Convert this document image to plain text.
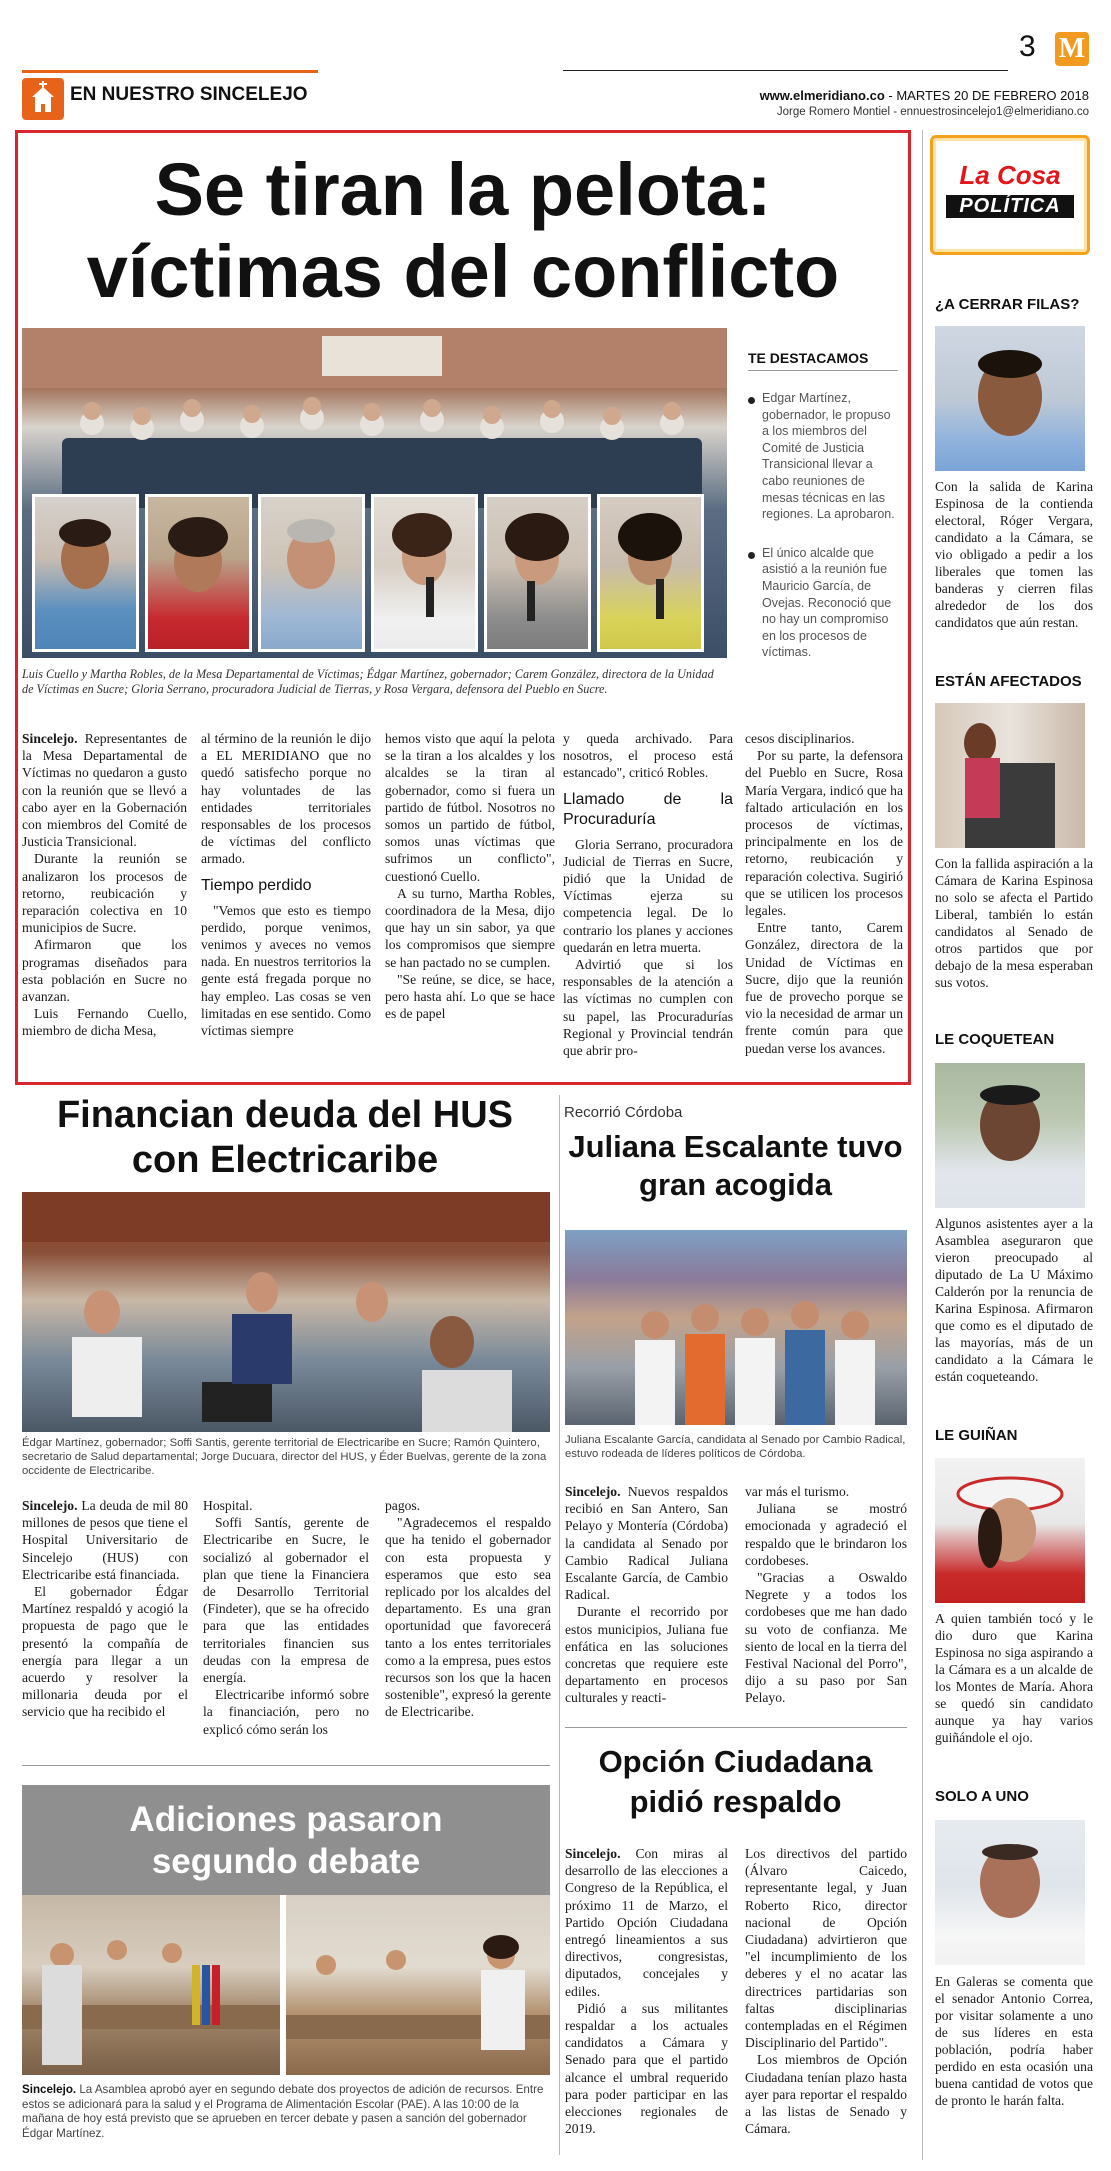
3 M
EN NUESTRO SINCELEJO	www.elmeridiano.co - MARTES 20 DE FEBRERO 2018
Jorge Romero Montiel - ennuestrosincelejo1@elmeridiano.co
Se tiran la pelota:
víctimas del conflicto
Luis Cuello y Martha Robles, de la Mesa Departamental de Víctimas; Édgar Martínez, gobernador; Carem González, directora de la Unidad de Víctimas en Sucre; Gloria Serrano, procuradora Judicial de Tierras, y Rosa Vergara, defensora del Pueblo en Sucre.
TE DESTACAMOS
Edgar Martínez, gobernador, le propuso a los miembros del Comité de Justicia Transicional llevar a cabo reuniones de mesas técnicas en las regiones. La aprobaron.
El único alcalde que asistió a la reunión fue Mauricio García, de Ovejas. Reconoció que no hay un compromiso en los procesos de víctimas.

Sincelejo. Representantes de la Mesa Departamental de Víctimas no quedaron a gusto con la reunión que se llevó a cabo ayer en la Gobernación con miembros del Comité de Justicia Transicional.

Durante la reunión se analizaron los procesos de retorno, reubicación y reparación colectiva en 10 municipios de Sucre.

Afirmaron que los programas diseñados para esta población en Sucre no avanzan.

Luis Fernando Cuello, miembro de dicha Mesa,

al término de la reunión le dijo a EL MERIDIANO que no quedó satisfecho porque no hay voluntades de las entidades territoriales responsables de los procesos de víctimas del conflicto armado.

Tiempo perdido

"Vemos que esto es tiempo perdido, porque venimos, venimos y aveces no vemos nada. En nuestros territorios la gente está fregada porque no hay empleo. Las cosas se ven limitadas en ese sentido. Como víctimas siempre

hemos visto que aquí la pelota se la tiran a los alcaldes y los alcaldes se la tiran al gobernador, como si fuera un partido de fútbol. Nosotros no somos un partido de fútbol, somos unas víctimas que sufrimos un conflicto", cuestionó Cuello.

A su turno, Martha Robles, coordinadora de la Mesa, dijo que hay un sin sabor, ya que los compromisos que siempre se han pactado no se cumplen.

"Se reúne, se dice, se hace, pero hasta ahí. Lo que se hace es de papel

y queda archivado. Para nosotros, el proceso está estancado", criticó Robles.

Llamado de la Procuraduría

Gloria Serrano, procuradora Judicial de Tierras en Sucre, pidió que la Unidad de Víctimas ejerza su competencia legal. De lo contrario los planes y acciones quedarán en letra muerta.

Advirtió que si los responsables de la atención a las víctimas no cumplen con su papel, las Procuradurías Regional y Provincial tendrán que abrir pro-

cesos disciplinarios.

Por su parte, la defensora del Pueblo en Sucre, Rosa María Vergara, indicó que ha faltado articulación en los procesos de víctimas, principalmente en los de retorno, reubicación y reparación colectiva. Sugirió que se utilicen los procesos legales.

Entre tanto, Carem González, directora de la Unidad de Víctimas en Sucre, dijo que la reunión fue de provecho porque se vio la necesidad de armar un frente común para que puedan verse los avances.

La Cosa
POLÍTICA
¿A CERRAR FILAS?
Con la salida de Karina Espinosa de la contienda electoral, Róger Vergara, candidato a la Cámara, se vio obligado a pedir a los liberales que tomen las banderas y cierren filas alrededor de los dos candidatos que aún restan.
ESTÁN AFECTADOS
Con la fallida aspiración a la Cámara de Karina Espinosa no solo se afecta el Partido Liberal, también lo están candidatos al Senado de otros partidos que por debajo de la mesa esperaban sus votos.
LE COQUETEAN
Algunos asistentes ayer a la Asamblea aseguraron que vieron preocupado al diputado de La U Máximo Calderón por la renuncia de Karina Espinosa. Afirmaron que como es el diputado de las mayorías, más de un candidato a la Cámara le están coqueteando.
LE GUIÑAN
A quien también tocó y le dio duro que Karina Espinosa no siga aspirando a la Cámara es a un alcalde de los Montes de María. Ahora se quedó sin candidato aunque ya hay varios guiñándole el ojo.
SOLO A UNO
En Galeras se comenta que el senador Antonio Correa, por visitar solamente a uno de sus líderes en esta población, podría haber perdido en esta ocasión una buena cantidad de votos que de pronto le harán falta.
Financian deuda del HUS con Electricaribe
Édgar Martínez, gobernador; Soffi Santis, gerente territorial de Electricaribe en Sucre; Ramón Quintero, secretario de Salud departamental; Jorge Ducuara, director del HUS, y Éder Buelvas, gerente de la zona occidente de Electricaribe.

Sincelejo. La deuda de mil 80 millones de pesos que tiene el Hospital Universitario de Sincelejo (HUS) con Electricaribe está financiada.

El gobernador Édgar Martínez respaldó y acogió la propuesta de pago que le presentó la compañía de energía para llegar a un acuerdo y resolver la millonaria deuda por el servicio que ha recibido el

Hospital.

Soffi Santís, gerente de Electricaribe en Sucre, le socializó al gobernador el plan que tiene la Financiera de Desarrollo Territorial (Findeter), que se ha ofrecido para que las entidades territoriales financien sus deudas con la empresa de energía.

Electricaribe informó sobre la financiación, pero no explicó cómo serán los

pagos.

"Agradecemos el respaldo que ha tenido el gobernador con esta propuesta y esperamos que esto sea replicado por los alcaldes del departamento. Es una gran oportunidad que favorecerá tanto a los entes territoriales como a la empresa, pues estos recursos son los que la hacen sostenible", expresó la gerente de Electricaribe.

Recorrió Córdoba
Juliana Escalante tuvo gran acogida
Juliana Escalante García, candidata al Senado por Cambio Radical, estuvo rodeada de líderes políticos de Córdoba.

Sincelejo. Nuevos respaldos recibió en San Antero, San Pelayo y Montería (Córdoba) la candidata al Senado por Cambio Radical Juliana Escalante García, de Cambio Radical.

Durante el recorrido por estos municipios, Juliana fue enfática en las soluciones concretas que requiere este departamento en procesos culturales y reacti-

var más el turismo.

Juliana se mostró emocionada y agradeció el respaldo que le brindaron los cordobeses.

"Gracias a Oswaldo Negrete y a todos los cordobeses que me han dado su voto de confianza. Me siento de local en la tierra del Festival Nacional del Porro", dijo a su paso por San Pelayo.

Adiciones pasaron segundo debate
Sincelejo. La Asamblea aprobó ayer en segundo debate dos proyectos de adición de recursos. Entre estos se adicionará para la salud y el Programa de Alimentación Escolar (PAE). A las 10:00 de la mañana de hoy está previsto que se aprueben en tercer debate y pasen a sanción del gobernador Édgar Martínez.
Opción Ciudadana pidió respaldo

Sincelejo. Con miras al desarrollo de las elecciones a Congreso de la República, el próximo 11 de Marzo, el Partido Opción Ciudadana entregó lineamientos a sus directivos, congresistas, diputados, concejales y ediles.

Pidió a sus militantes respaldar a los actuales candidatos a Cámara y Senado para que el partido alcance el umbral requerido para poder participar en las elecciones regionales de 2019.

Los directivos del partido (Álvaro Caicedo, representante legal, y Juan Roberto Rico, director nacional de Opción Ciudadana) advirtieron que "el incumplimiento de los deberes y el no acatar las directrices partidarias son faltas disciplinarias contempladas en el Régimen Disciplinario del Partido".

Los miembros de Opción Ciudadana tenían plazo hasta ayer para reportar el respaldo a las listas de Senado y Cámara.
